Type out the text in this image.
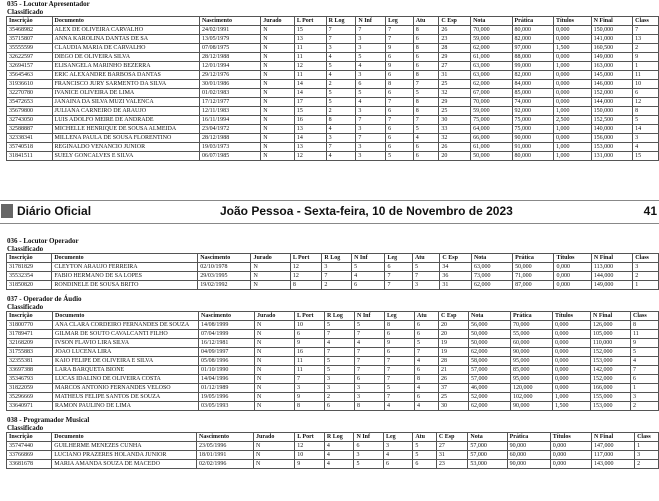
035 - Locutor Apresentador
Classificado
Inscrição	Documento	Nascimento	Jurado	L Port	R Log	N Inf	Leg	Atu	C Esp	Nota	Prática	Títulos	N Final	Class
35468982	ALEX DE OLIVEIRA CARVALHO	24/02/1991	N	15	7	7	7	8	26	70,000	80,000	0,000	150,000	7
35715807	ANNA KAROLINA DANTAS DE SA	13/05/1979	N	13	7	3	7	6	23	59,000	82,000	0,000	141,000	13
35555599	CLAUDIA MARIA DE CARVALHO	07/08/1975	N	11	3	3	9	8	28	62,000	97,000	1,500	160,500	2
32622597	DIEGO DE OLIVEIRA SILVA	28/12/1988	N	11	4	5	6	6	29	61,000	88,000	0,000	149,000	9
32694157	ELISANGELA MARINHO BEZERRA	12/01/1994	N	12	5	4	9	6	27	63,000	99,000	1,000	163,000	1
35645463	ERIC ALEXANDRE BARBOSA DANTAS	29/12/1976	N	11	4	3	6	8	31	63,000	82,000	0,000	145,000	11
31936610	FRANCISCO JURY SARMENTO DA SILVA	30/01/1986	N	14	2	6	8	7	25	62,000	84,000	0,000	146,000	10
32270780	IVANICE OLIVEIRA DE LIMA	01/02/1983	N	14	5	5	6	5	32	67,000	85,000	0,000	152,000	6
35472653	JANAINA DA SILVA MUZI VALENCA	17/12/1977	N	17	5	4	7	8	29	70,000	74,000	0,000	144,000	12
35679800	JULIANA CARNEIRO DE ARAUJO	12/11/1983	N	15	2	3	6	8	25	59,000	92,000	1,000	150,000	8
32743050	LUIS ADOLFO MEIRE DE ANDRADE	16/11/1994	N	16	8	7	7	7	30	75,000	75,000	2,500	152,500	5
32588887	MICHELLE HENRIQUE DE SOUSA ALMEIDA	23/04/1972	N	13	4	3	6	5	33	64,000	75,000	1,000	140,000	14
32338341	MILLENA PAULA DE SOUSA FLORENTINO	28/12/1988	N	14	3	7	6	4	32	66,000	90,000	0,000	156,000	3
35740518	REGINALDO VENANCIO JUNIOR	19/03/1973	N	13	7	3	6	6	26	61,000	91,000	1,000	153,000	4
31841511	SUELY GONCALVES E SILVA	06/07/1985	N	12	4	3	5	6	20	50,000	80,000	1,000	131,000	15
Diário Oficial	João Pessoa - Sexta-feira, 10 de Novembro de 2023	41
036 - Locutor Operador
Classificado
Inscrição	Documento	Nascimento	Jurado	L Port	R Log	N Inf	Leg	Atu	C Esp	Nota	Prática	Títulos	N Final	Class
31781829	CLEYTON ARAUJO FERREIRA	02/10/1978	N	12	3	5	6	5	34	63,000	50,000	0,000	113,000	3
35532354	FABIO HERMANO DE SA LOPES	29/03/1995	N	12	7	4	7	7	36	73,000	71,000	0,000	144,000	2
31850820	RONDINELE DE SOUSA BRITO	19/02/1992	N	8	2	6	7	3	31	62,000	87,000	0,000	149,000	1
037 - Operador de Áudio
Classificado
Inscrição	Documento	Nascimento	Jurado	L Port	R Log	N Inf	Leg	Atu	C Esp	Nota	Prática	Títulos	N Final	Class
31800770	ANA CLARA CORDEIRO FERNANDES DE SOUZA	14/08/1999	N	10	5	5	8	6	20	56,000	70,000	0,000	126,000	8
31789471	GILMAR DE SOUTO CAVALCANTI FILHO	07/04/1999	N	6	7	7	6	6	20	50,000	55,000	0,000	105,000	11
32168209	IVSON FLAVIO LIRA SILVA	16/12/1981	N	9	4	4	9	5	19	50,000	60,000	0,000	110,000	9
31755883	JOAO LUCENA LIRA	04/09/1997	N	16	7	7	6	7	19	62,000	90,000	0,000	152,000	5
32355381	KAIO FELIPE DE OLIVEIRA E SILVA	05/08/1996	N	11	5	7	7	4	28	58,000	95,000	0,000	153,000	4
33697388	LARA BARQUETA BIONE	01/10/1990	N	11	5	7	7	6	21	57,000	85,000	0,000	142,000	7
35346793	LUCAS IDALINO DE OLIVEIRA COSTA	14/04/1996	N	7	3	6	7	8	26	57,000	95,000	0,000	152,000	6
31822059	MARCOS ANTONIO FERNANDES VELOSO	01/12/1989	N	3	3	3	5	4	37	46,000	120,000	0,000	166,000	1
35296669	MATHEUS FELIPE SANTOS DE SOUZA	19/05/1996	N	9	2	3	7	6	25	52,000	102,000	1,000	155,000	3
33640971	RAMON PAULINO DE LIMA	03/05/1993	N	8	6	8	4	4	30	62,000	90,000	1,500	153,000	2
038 - Programador Musical
Classificado
Inscrição	Documento	Nascimento	Jurado	L Port	R Log	N Inf	Leg	Atu	C Esp	Nota	Prática	Títulos	N Final	Class
35747440	GUILHERME MENEZES CUNHA	23/05/1996	N	12	4	6	3	5	27	57,000	90,000	0,000	147,000	1
33766869	LUCIANO PRAZERES HOLANDA JUNIOR	18/01/1991	N	10	4	3	4	5	31	57,000	60,000	0,000	117,000	3
33681678	MARIA AMANDA SOUZA DE MACEDO	02/02/1996	N	9	4	5	6	6	23	53,000	90,000	0,000	143,000	2
